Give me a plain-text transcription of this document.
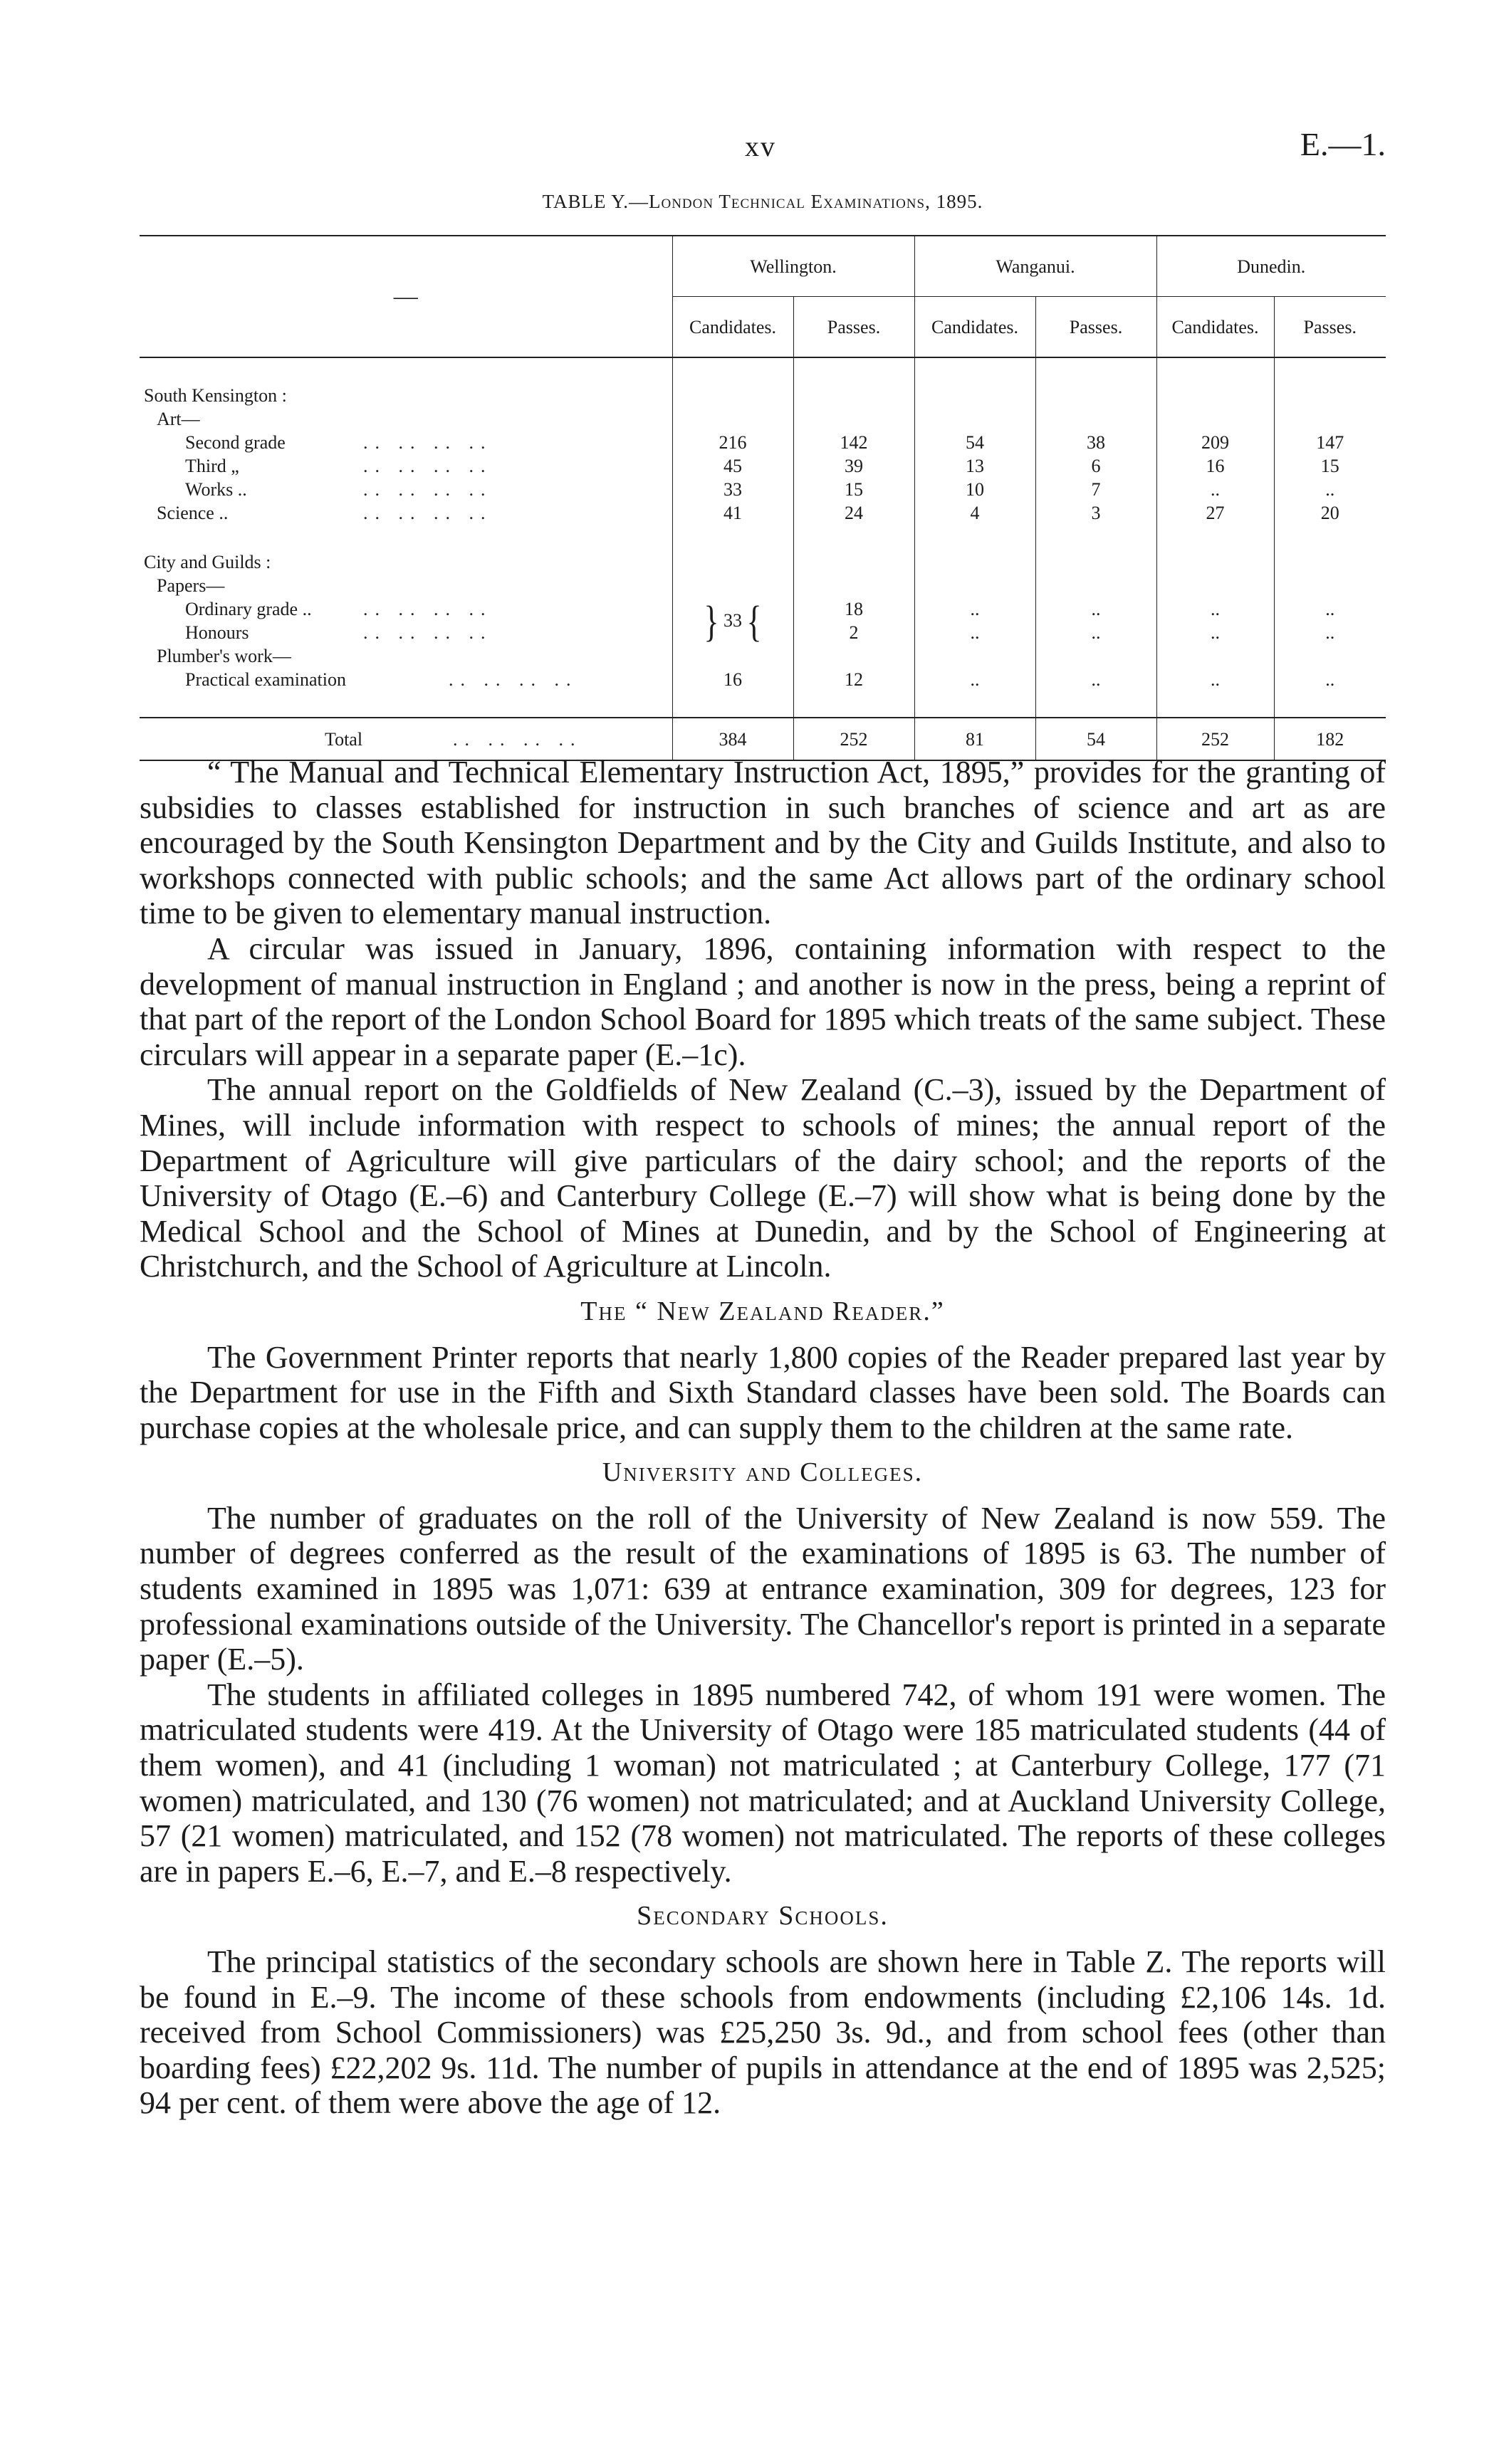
xv	E.—1.
TABLE Y.—London Technical Examinations, 1895.
—	Wellington.		Wanganui.		Dunedin.	
	Candidates.	Passes.	Candidates.	Passes.	Candidates.	Passes.

South Kensington :						
Art—						
Second grade .. .. .. ..	216	142	54	38	209	147
Third „ .. .. .. ..	45	39	13	6	16	15
Works .. .. .. .. ..	33	15	10	7	..	..
Science .. .. .. .. ..	41	24	4	3	27	20

City and Guilds :						
Papers—						
Ordinary grade .. .. .. .. ..	} 33 {	18	..	..	..	..
Honours .. .. .. ..		2	..	..	..	..
Plumber's work—						
Practical examination .. .. .. ..	16	12	..	..	..	..

Total .. .. .. ..	384	252	81	54	252	182

“ The Manual and Technical Elementary Instruction Act, 1895,” provides for the granting of subsidies to classes established for instruction in such branches of science and art as are encouraged by the South Kensington Department and by the City and Guilds Institute, and also to workshops connected with public schools; and the same Act allows part of the ordinary school time to be given to elementary manual instruction.

A circular was issued in January, 1896, containing information with respect to the development of manual instruction in England ; and another is now in the press, being a reprint of that part of the report of the London School Board for 1895 which treats of the same subject. These circulars will appear in a separate paper (E.–1c).

The annual report on the Goldfields of New Zealand (C.–3), issued by the Department of Mines, will include information with respect to schools of mines; the annual report of the Department of Agriculture will give particulars of the dairy school; and the reports of the University of Otago (E.–6) and Canterbury College (E.–7) will show what is being done by the Medical School and the School of Mines at Dunedin, and by the School of Engineering at Christchurch, and the School of Agriculture at Lincoln.

The “ New Zealand Reader.”

The Government Printer reports that nearly 1,800 copies of the Reader prepared last year by the Department for use in the Fifth and Sixth Standard classes have been sold. The Boards can purchase copies at the wholesale price, and can supply them to the children at the same rate.

University and Colleges.

The number of graduates on the roll of the University of New Zealand is now 559. The number of degrees conferred as the result of the examinations of 1895 is 63. The number of students examined in 1895 was 1,071: 639 at entrance examination, 309 for degrees, 123 for professional examinations outside of the University. The Chancellor's report is printed in a separate paper (E.–5).

The students in affiliated colleges in 1895 numbered 742, of whom 191 were women. The matriculated students were 419. At the University of Otago were 185 matriculated students (44 of them women), and 41 (including 1 woman) not matriculated ; at Canterbury College, 177 (71 women) matriculated, and 130 (76 women) not matriculated; and at Auckland University College, 57 (21 women) matriculated, and 152 (78 women) not matriculated. The reports of these colleges are in papers E.–6, E.–7, and E.–8 respectively.

Secondary Schools.

The principal statistics of the secondary schools are shown here in Table Z. The reports will be found in E.–9. The income of these schools from endowments (including £2,106 14s. 1d. received from School Commissioners) was £25,250 3s. 9d., and from school fees (other than boarding fees) £22,202 9s. 11d. The number of pupils in attendance at the end of 1895 was 2,525; 94 per cent. of them were above the age of 12.
